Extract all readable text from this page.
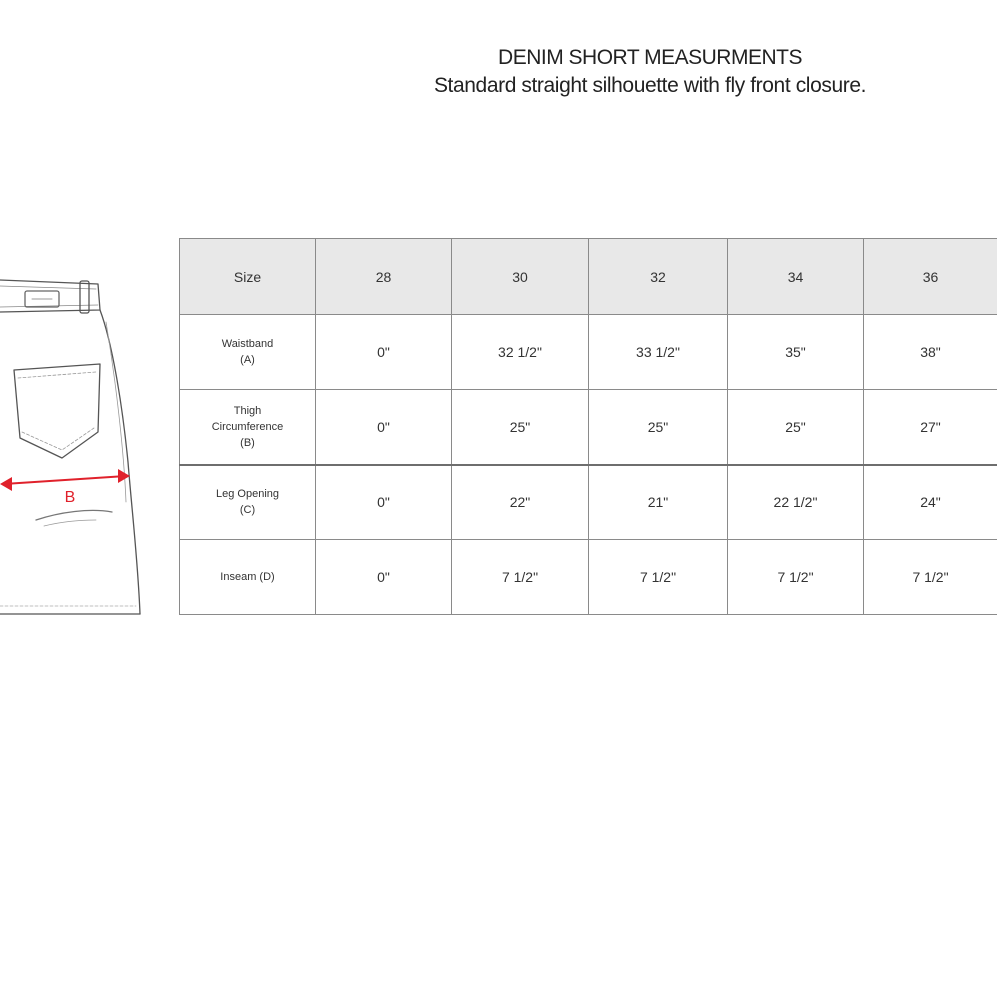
DENIM SHORT MEASURMENTS
Standard straight silhouette with fly front closure.
B
Size	28	30	32	34	36
Waistband
(A)	0"	32 1/2"	33 1/2"	35"	38"
Thigh
Circumference
(B)	0"	25"	25"	25"	27"
Leg Opening
(C)	0"	22"	21"	22 1/2"	24"
Inseam (D)	0"	7 1/2"	7 1/2"	7 1/2"	7 1/2"
